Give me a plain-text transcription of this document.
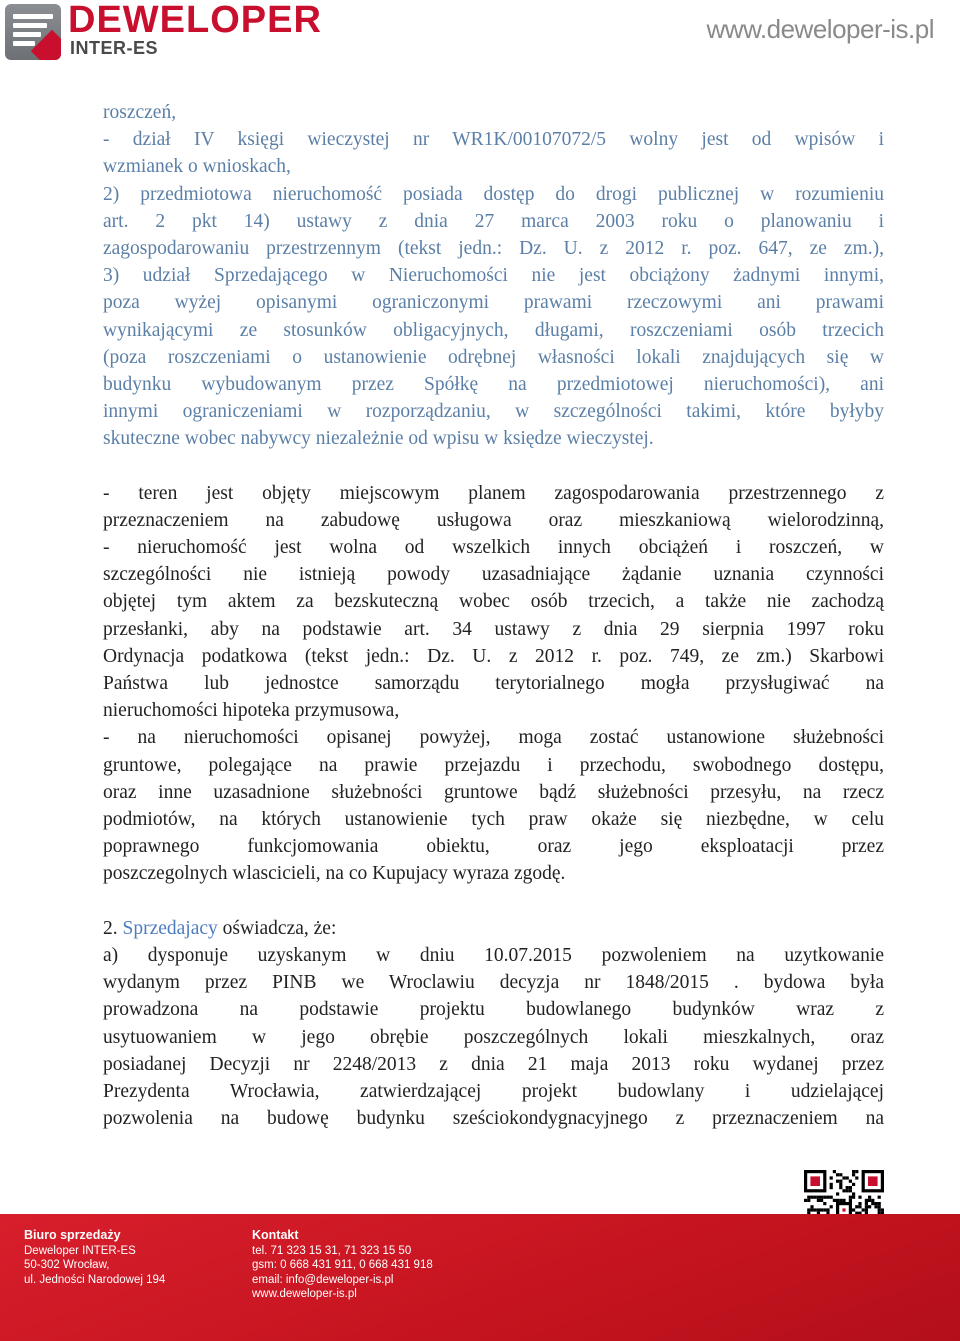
DEWELOPER
INTER-ES
www.deweloper-is.pl
roszczeń,
- dział IV księgi wieczystej nr WR1K/00107072/5 wolny jest od wpisów i
wzmianek o wnioskach,
2) przedmiotowa nieruchomość posiada dostęp do drogi publicznej w rozumieniu
art. 2 pkt 14) ustawy z dnia 27 marca 2003 roku o planowaniu i
zagospodarowaniu przestrzennym (tekst jedn.: Dz. U. z 2012 r. poz. 647, ze zm.),
3) udział Sprzedającego w Nieruchomości nie jest obciążony żadnymi innymi,
poza wyżej opisanymi ograniczonymi prawami rzeczowymi ani prawami
wynikającymi ze stosunków obligacyjnych, długami, roszczeniami osób trzecich
(poza roszczeniami o ustanowienie odrębnej własności lokali znajdujących się w
budynku wybudowanym przez Spółkę na przedmiotowej nieruchomości), ani
innymi ograniczeniami w rozporządzaniu, w szczególności takimi, które byłyby
skuteczne wobec nabywcy niezależnie od wpisu w księdze wieczystej.
- teren jest objęty miejscowym planem zagospodarowania przestrzennego z
przeznaczeniem na zabudowę usługowa oraz mieszkaniową wielorodzinną,
- nieruchomość jest wolna od wszelkich innych obciążeń i roszczeń, w
szczególności nie istnieją powody uzasadniające żądanie uznania czynności
objętej tym aktem za bezskuteczną wobec osób trzecich, a także nie zachodzą
przesłanki, aby na podstawie art. 34 ustawy z dnia 29 sierpnia 1997 roku
Ordynacja podatkowa (tekst jedn.: Dz. U. z 2012 r. poz. 749, ze zm.) Skarbowi
Państwa lub jednostce samorządu terytorialnego mogła przysługiwać na
nieruchomości hipoteka przymusowa,
- na nieruchomości opisanej powyżej, moga zostać ustanowione służebności
gruntowe, polegające na prawie przejazdu i przechodu, swobodnego dostępu,
oraz inne uzasadnione służebności gruntowe bądź służebności przesyłu, na rzecz
podmiotów, na których ustanowienie tych praw okaże się niezbędne, w celu
poprawnego funkcjomowania obiektu, oraz jego eksploatacji przez
poszczegolnych wlascicieli, na co Kupujacy wyraza zgodę.
2. Sprzedajacy oświadcza, że:
a) dysponuje uzyskanym w dniu 10.07.2015 pozwoleniem na uzytkowanie
wydanym przez PINB we Wroclawiu decyzja nr 1848/2015 . bydowa była
prowadzona na podstawie projektu budowlanego budynków wraz z
usytuowaniem w jego obrębie poszczególnych lokali mieszkalnych, oraz
posiadanej Decyzji nr 2248/2013 z dnia 21 maja 2013 roku wydanej przez
Prezydenta Wrocławia, zatwierdzającej projekt budowlany i udzielającej
pozwolenia na budowę budynku sześciokondygnacyjnego z przeznaczeniem na
Biuro sprzedaży
Deweloper INTER-ES
50-302 Wrocław,
ul. Jedności Narodowej 194
Kontakt
tel. 71 323 15 31, 71 323 15 50
gsm: 0 668 431 911, 0 668 431 918
email: info@deweloper-is.pl
www.deweloper-is.pl
